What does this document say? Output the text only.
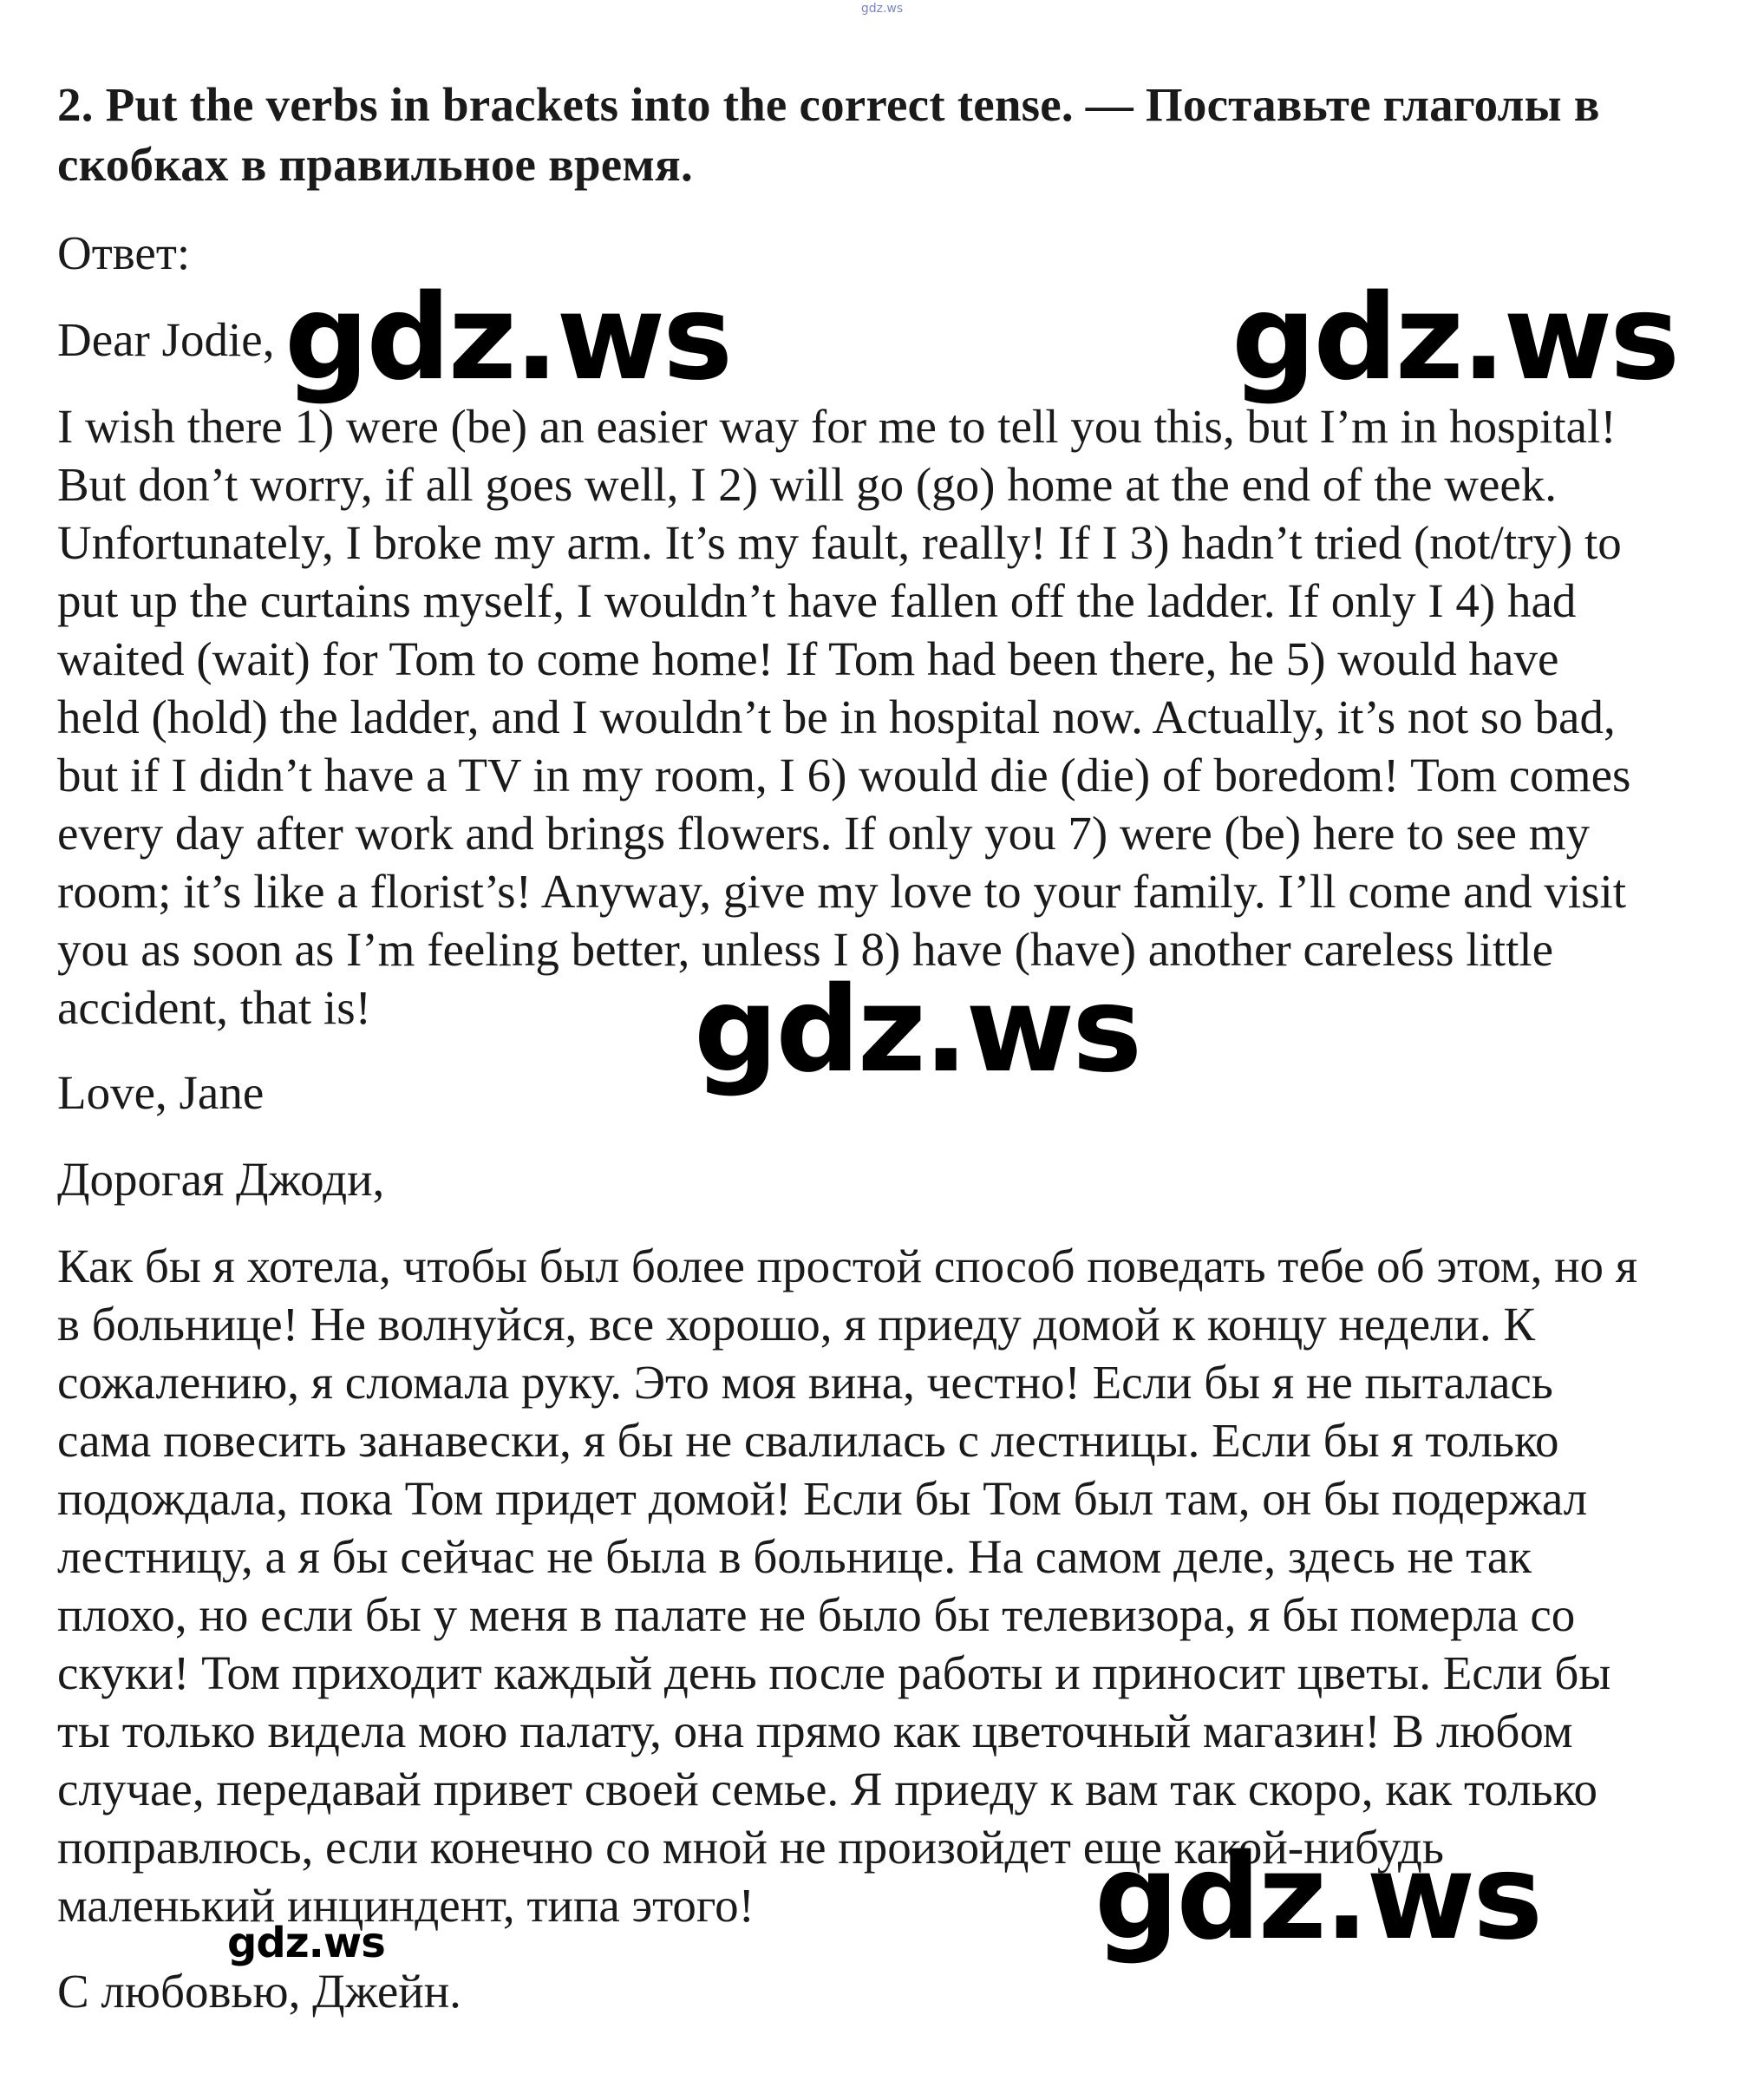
gdz.ws
2. Put the verbs in brackets into the correct tense. — Поставьте глаголы в скобках в правильное время.
Ответ:
Dear Jodie,
I wish there 1) were (be) an easier way for me to tell you this, but I’m in hospital!
But don’t worry, if all goes well, I 2) will go (go) home at the end of the week.
Unfortunately, I broke my arm. It’s my fault, really! If I 3) hadn’t tried (not/try) to
put up the curtains myself, I wouldn’t have fallen off the ladder. If only I 4) had
waited (wait) for Tom to come home! If Tom had been there, he 5) would have
held (hold) the ladder, and I wouldn’t be in hospital now. Actually, it’s not so bad,
but if I didn’t have a TV in my room, I 6) would die (die) of boredom! Tom comes
every day after work and brings flowers. If only you 7) were (be) here to see my
room; it’s like a florist’s! Anyway, give my love to your family. I’ll come and visit
you as soon as I’m feeling better, unless I 8) have (have) another careless little
accident, that is!
Love, Jane
Дорогая Джоди,
Как бы я хотела, чтобы был более простой способ поведать тебе об этом, но я
в больнице! Не волнуйся, все хорошо, я приеду домой к концу недели. К
сожалению, я сломала руку. Это моя вина, честно! Если бы я не пыталась
сама повесить занавески, я бы не свалилась с лестницы. Если бы я только
подождала, пока Том придет домой! Если бы Том был там, он бы подержал
лестницу, а я бы сейчас не была в больнице. На самом деле, здесь не так
плохо, но если бы у меня в палате не было бы телевизора, я бы померла со
скуки! Том приходит каждый день после работы и приносит цветы. Если бы
ты только видела мою палату, она прямо как цветочный магазин! В любом
случае, передавай привет своей семье. Я приеду к вам так скоро, как только
поправлюсь, если конечно со мной не произойдет еще какой-нибудь
маленький инциндент, типа этого!
С любовью, Джейн.
gdz.ws	gdz.ws
gdz.ws
gdz.ws
gdz.ws
